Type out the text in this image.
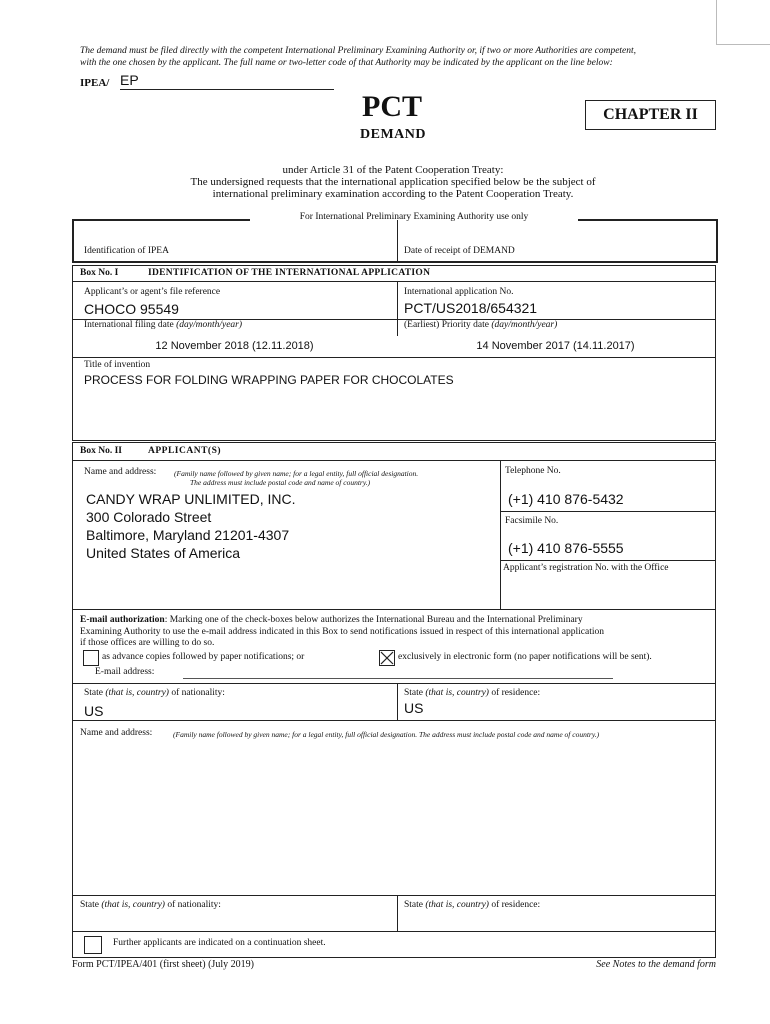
The demand must be filed directly with the competent International Preliminary Examining Authority or, if two or more Authorities are competent,
with the one chosen by the applicant. The full name or two-letter code of that Authority may be indicated by the applicant on the line below:
IPEA/ EP
PCT
DEMAND
CHAPTER II
under Article 31 of the Patent Cooperation Treaty:
The undersigned requests that the international application specified below be the subject of
international preliminary examination according to the Patent Cooperation Treaty.
For International Preliminary Examining Authority use only
Identification of IPEA	Date of receipt of DEMAND
Box No. I	IDENTIFICATION OF THE INTERNATIONAL APPLICATION
Applicant’s or agent’s file reference
CHOCO 95549
International application No.
PCT/US2018/654321
International filing date (day/month/year)
12 November 2018 (12.11.2018)
(Earliest) Priority date (day/month/year)
14 November 2017 (14.11.2017)
Title of invention
PROCESS FOR FOLDING WRAPPING PAPER FOR CHOCOLATES
Box No. II	APPLICANT(S)
Name and address: (Family name followed by given name; for a legal entity, full official designation.
The address must include postal code and name of country.)
CANDY WRAP UNLIMITED, INC.
300 Colorado Street
Baltimore, Maryland 21201-4307
United States of America
Telephone No.
(+1) 410 876-5432
Facsimile No.
(+1) 410 876-5555
Applicant’s registration No. with the Office
E-mail authorization: Marking one of the check-boxes below authorizes the International Bureau and the International Preliminary
Examining Authority to use the e-mail address indicated in this Box to send notifications issued in respect of this international application
if those offices are willing to do so.
as advance copies followed by paper notifications; or	exclusively in electronic form (no paper notifications will be sent).
E-mail address:
State (that is, country) of nationality:
US
State (that is, country) of residence:
US
Name and address:	(Family name followed by given name; for a legal entity, full official designation. The address must include postal code and name of country.)
State (that is, country) of nationality:	State (that is, country) of residence:
Further applicants are indicated on a continuation sheet.
Form PCT/IPEA/401 (first sheet) (July 2019)	See Notes to the demand form
